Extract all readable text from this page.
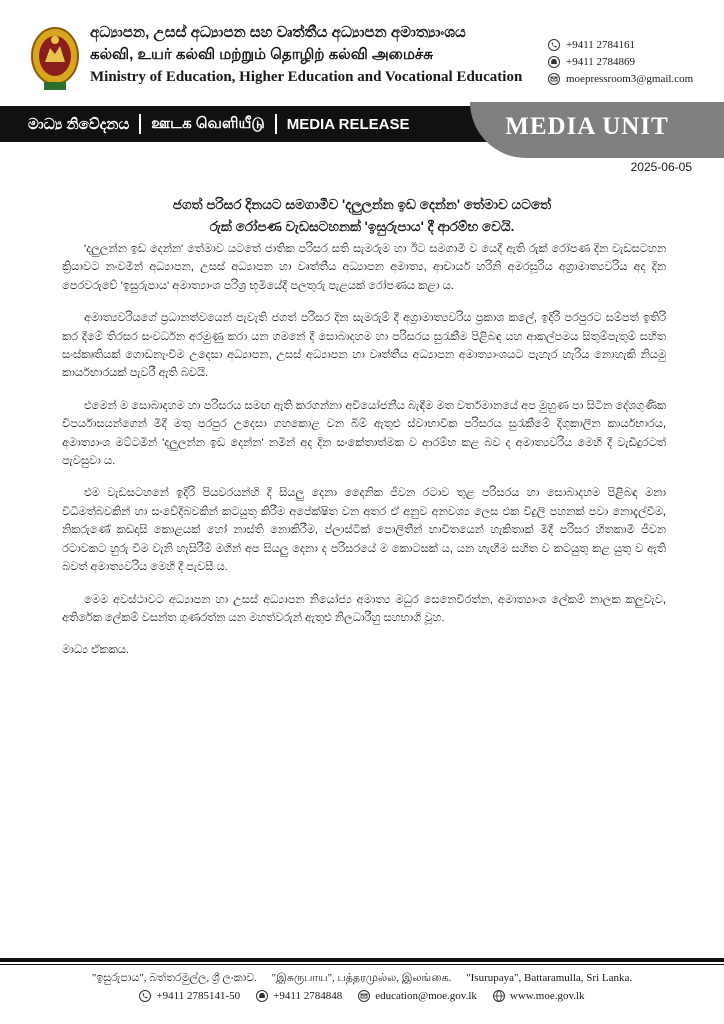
අධ්‍යාපන, උසස් අධ්‍යාපන සහ වෘත්තීය අධ්‍යාපන අමාත්‍යාංශය
கல்வி, உயர் கல்வி மற்றும் தொழிற் கல்வி அமைச்சு
Ministry of Education, Higher Education and Vocational Education
+9411 2784161
+9411 2784869
moepressroom3@gmail.com
මාධ්‍ය නිවේදනය ஊடக வெளியீடு MEDIA RELEASE	MEDIA UNIT
2025-06-05
ජගත් පරිසර දිනයට සමගාමීව 'දලුලන්න ඉඩ දෙන්න' තේමාව යටතේ
රුක් රෝපණ වැඩසටහනක් 'ඉසුරුපාය' දී ආරම්භ වෙයි.

'දලුලන්න ඉඩ දෙන්න' තේමාව යටතේ ජාතික පරිසර සති සැමරුම හා ඊට සමගාමී ව යෙදී ඇති රුක් රෝපණ දින වැඩසටහන ක්‍රියාවට නංවමින් අධ්‍යාපන, උසස් අධ්‍යාපන හා වෘත්තීය අධ්‍යාපන අමාත්‍ය, ආචාර්ය හරිනි අමරසූරිය අග්‍රාමාත්‍යවරිය අද දින පෙරවරුවේ 'ඉසුරුපාය' අමාත්‍යාංශ පරිශ්‍ර භූමියේදී පලතුරු පැළයක් රෝපණය කළා ය.

අමාත්‍යවරියගේ ප්‍රධානත්වයෙන් පැවැති ජගත් පරිසර දින සැමරුම් දී අග්‍රාමාත්‍යවරිය ප්‍රකාශ කලේ, ඉදිරි පරපුරට සම්පත් ඉතිරි කර දීමේ තිරසර සංවර්ධන අරමුණු කරා යන ගමනේ දී සොබාදහම හා පරිසරය සුරැකීම පිළිබඳ යහ ආකල්පමය සිතුම්පැතුම් සහිත සංස්කෘතියක් ගොඩනැංවීම උදෙසා අධ්‍යාපන, උසස් අධ්‍යාපන හා වෘත්තීය අධ්‍යාපන අමාත්‍යාංශයට පැහැර හැරිය නොහැකි නියමු කාර්යභාරයක් පැවරී ඇති බවයි.

එමෙන් ම සොබාදහම හා පරිසරය සමඟ ඇති කරගන්නා අවියෝජනීය බැඳීම මත වර්තමානයේ අප මුහුණ පා සිටින දේශගුණික විපර්යාසයන්ගෙන් මිදී මතු පරපුර උදෙසා ගහකොළ වන බිම් ඇතුළු ස්වාභාවික පරිසරය සුරැකීමේ දිගුකාලීන කාර්යභාරය, අමාත්‍යාංශ මට්ටමින් 'දලුලන්න ඉඩ දෙන්න' නමින් අද දින සංකේතාත්මක ව ආරම්භ කළ බව ද අමාත්‍යවරිය මෙහි දී වැඩිදුරටත් පැවසුවා ය.

එම වැඩසටහනේ ඉදිරි පියවරයන්හි දී සියලු දෙනා දෛනික ජීවන රටාව තුළ පරිසරය හා සොබාදහම පිළිබඳ මනා විධිමත්බවකින් හා සංවේදීබවකින් කටයුතු කිරීම අපේක්ෂිත වන අතර ඒ අනුව අනවශ්‍ය ලෙස එක විදුලි පහනක් පවා නොදැල්වීම, නිකරුණේ කඩදාසි කොළයක් හෝ නාස්ති නොකිරීම, ප්ලාස්ටික් පොලිතීන් භාවිතයෙන් හැකිතාක් මිදී පරිසර හිතකාමී ජීවන රටාවකට හුරු වීම වැනි හැසිරීම් මගින් අප සියලු දෙනා ද පරිසරයේ ම කොටසක් ය, යන හැඟීම සහිත ව කටයුතු කළ යුතු ව ඇති බවත් අමාත්‍යවරිය මෙහි දී පැවසී ය.

මෙම අවස්ථාවට අධ්‍යාපන හා උසස් අධ්‍යාපන නියෝජ්‍ය අමාත්‍ය මධුර සෙනෙවිරත්න, අමාත්‍යාංශ ලේකම් නාලක කලුවැව, අතිරේක ලේකම් වසන්ත ගුණරත්න යන මහත්වරුන් ඇතුළු නිලධාරීහු සහභාගි වූහ.

මාධ්‍ය ඒකකය.

"ඉසුරුපාය", බත්තරමුල්ල, ශ්‍රී ලංකාව. "இசுருபாய", பத்தரமுல்ல, இலங்கை. "Isurupaya", Battaramulla, Sri Lanka.
+9411 2785141-50	+9411 2784848	education@moe.gov.lk	www.moe.gov.lk
